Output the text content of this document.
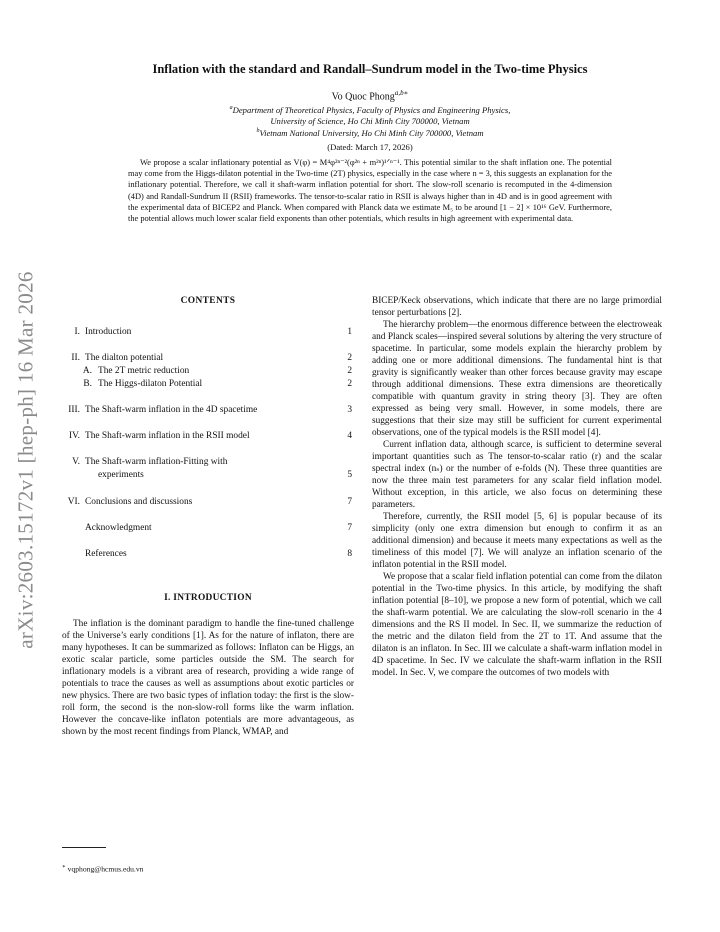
arXiv:2603.15172v1 [hep-ph] 16 Mar 2026
Inflation with the standard and Randall–Sundrum model in the Two-time Physics
Vo Quoc Phong$^{a,b∗}$
$^a$Department of Theoretical Physics, Faculty of Physics and Engineering Physics,
University of Science, Ho Chi Minh City 700000, Vietnam
$^b$Vietnam National University, Ho Chi Minh City 700000, Vietnam
(Dated: March 17, 2026)
We propose a scalar inflationary potential as V(φ) = M⁴φ²ⁿ⁻²(φ²ⁿ + m²ⁿ)¹ᐟⁿ⁻¹. This potential similar to the shaft inflation one. The potential may come from the Higgs-dilaton potential in the Two-time (2T) physics, especially in the case where n = 3, this suggests an explanation for the inflationary potential. Therefore, we call it shaft-warm inflation potential for short. The slow-roll scenario is recomputed in the 4-dimension (4D) and Randall-Sundrum II (RSII) frameworks. The tensor-to-scalar ratio in RSII is always higher than in 4D and is in good agreement with the experimental data of BICEP2 and Planck. When compared with Planck data we estimate M₅ to be around [1 − 2] × 10¹⁶ GeV. Furthermore, the potential allows much lower scalar field exponents than other potentials, which results in high agreement with experimental data.
CONTENTS
I. Introduction	1
II. The dialton potential	2
A. The 2T metric reduction	2
B. The Higgs-dilaton Potential	2
III. The Shaft-warm inflation in the 4D spacetime	3
IV. The Shaft-warm inflation in the RSII model	4
V. The Shaft-warm inflation-Fitting with
experiments	5
VI. Conclusions and discussions	7
Acknowledgment	7
References	8
I. INTRODUCTION

The inflation is the dominant paradigm to handle the fine-tuned challenge of the Universe’s early conditions [1]. As for the nature of inflaton, there are many hypotheses. It can be summarized as follows: Inflaton can be Higgs, an exotic scalar particle, some particles outside the SM. The search for inflationary models is a vibrant area of research, providing a wide range of potentials to trace the causes as well as assumptions about exotic particles or new physics. There are two basic types of inflation today: the first is the slow-roll form, the second is the non-slow-roll forms like the warm inflation. However the concave-like inflaton potentials are more advantageous, as shown by the most recent findings from Planck, WMAP, and

BICEP/Keck observations, which indicate that there are no large primordial tensor perturbations [2].

The hierarchy problem—the enormous difference between the electroweak and Planck scales—inspired several solutions by altering the very structure of spacetime. In particular, some models explain the hierarchy problem by adding one or more additional dimensions. The fundamental hint is that gravity is significantly weaker than other forces because gravity may escape through additional dimensions. These extra dimensions are theoretically compatible with quantum gravity in string theory [3]. They are often expressed as being very small. However, in some models, there are suggestions that their size may still be sufficient for current experimental observations, one of the typical models is the RSII model [4].

Current inflation data, although scarce, is sufficient to determine several important quantities such as The tensor-to-scalar ratio (r) and the scalar spectral index (nₛ) or the number of e-folds (N). These three quantities are now the three main test parameters for any scalar field inflation model. Without exception, in this article, we also focus on determining these parameters.

Therefore, currently, the RSII model [5, 6] is popular because of its simplicity (only one extra dimension but enough to confirm it as an additional dimension) and because it meets many expectations as well as the timeliness of this model [7]. We will analyze an inflation scenario of the inflaton potential in the RSII model.

We propose that a scalar field inflation potential can come from the dilaton potential in the Two-time physics. In this article, by modifying the shaft inflation potential [8–10], we propose a new form of potential, which we call the shaft-warm potential. We are calculating the slow-roll scenario in the 4 dimensions and the RS II model. In Sec. II, we summarize the reduction of the metric and the dilaton field from the 2T to 1T. And assume that the dilaton is an inflaton. In Sec. III we calculate a shaft-warm inflation model in 4D spacetime. In Sec. IV we calculate the shaft-warm inflation in the RSII model. In Sec. V, we compare the outcomes of two models with

∗ vqphong@hcmus.edu.vn
